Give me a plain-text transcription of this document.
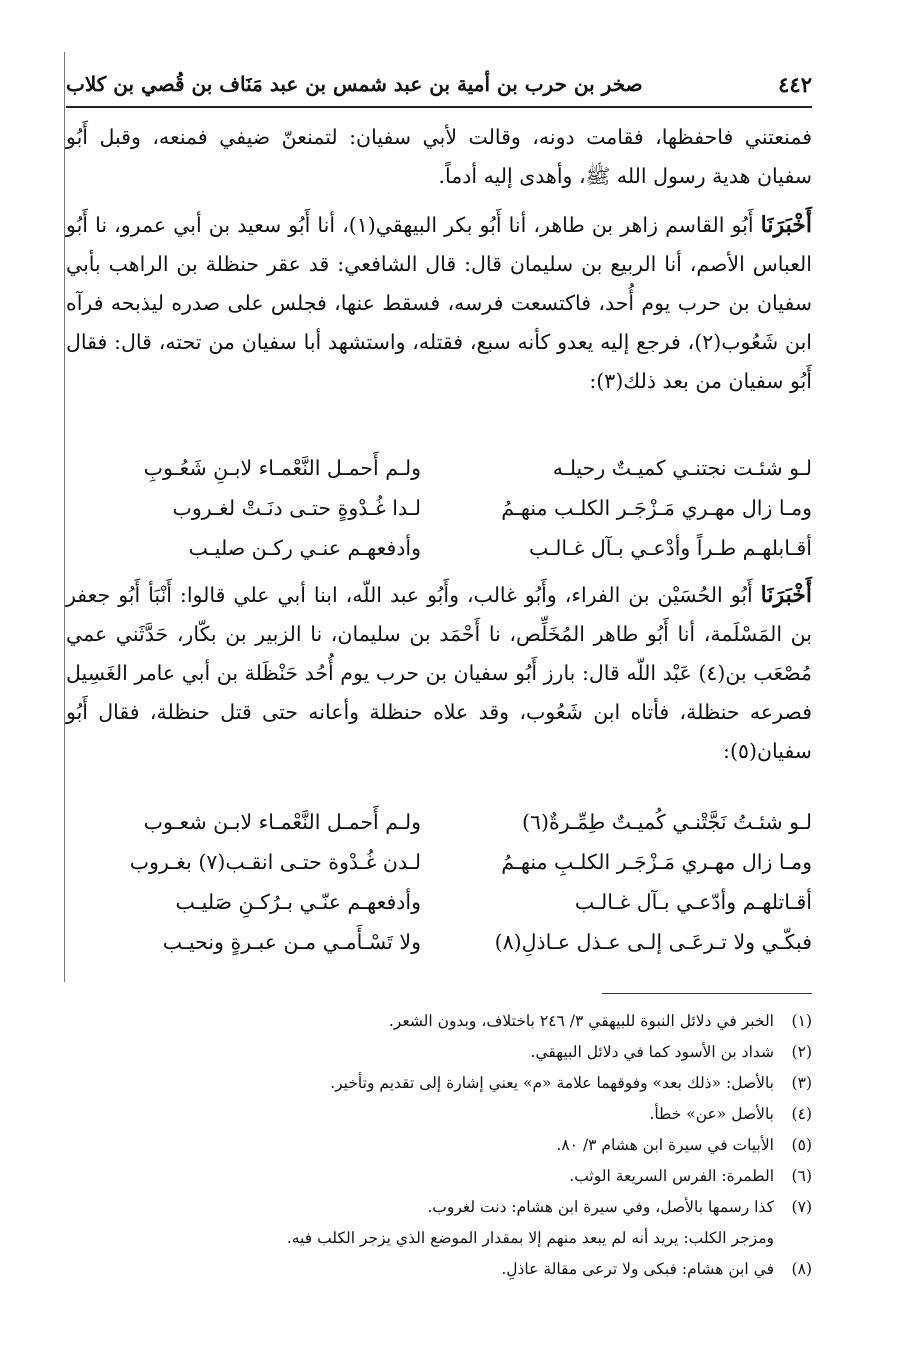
٤٤٢
صخر بن حرب بن أمية بن عبد شمس بن عبد مَنَاف بن قُصي بن كلاب

فمنعتني فاحفظها، فقامت دونه، وقالت لأبي سفيان: لتمنعنّ ضيفي فمنعه، وقبل أَبُو سفيان هدية رسول الله ﷺ، وأهدى إليه أدماً.

أَخْبَرَنَا أَبُو القاسم زاهر بن طاهر، أنا أَبُو بكر البيهقي(١)، أنا أَبُو سعيد بن أبي عمرو، نا أَبُو العباس الأصم، أنا الربيع بن سليمان قال: قال الشافعي: قد عقر حنظلة بن الراهب بأبي سفيان بن حرب يوم أُحد، فاكتسعت فرسه، فسقط عنها، فجلس على صدره ليذبحه فرآه ابن شَعُوب(٢)، فرجع إليه يعدو كأنه سبع، فقتله، واستشهد أبا سفيان من تحته، قال: فقال أَبُو سفيان من بعد ذلك(٣):

لـو شئـت نجتنـي كميـتٌ رحيلـه
ولـم أَحمـل النَّعْمـاء لابـنِ شَعُـوبِ
ومـا زال مهـري مَـزْجَـر الكلـب منهـمُ
لـدا غُـدْوةٍ حتـى دنَـتْ لغـروب
أقـابلهـم طـراً وأدْعـي بـآل غـالـب
وأدفعهـم عنـي ركـن صليـب

أَخْبَرَنَا أَبُو الحُسَيْن بن الفراء، وأَبُو غالب، وأَبُو عبد اللّه، ابنا أبي علي قالوا: أَنْبَأ أَبُو جعفر بن المَسْلَمة، أنا أَبُو طاهر المُخَلِّص، نا أَحْمَد بن سليمان، نا الزبير بن بكّار، حَدَّثَني عمي مُصْعَب بن(٤) عَبْد اللّه قال: بارز أَبُو سفيان بن حرب يوم أُحُد حَنْظَلة بن أبي عامر الغَسِيل فصرعه حنظلة، فأتاه ابن شَعُوب، وقد علاه حنظلة وأعانه حتى قتل حنظلة، فقال أَبُو سفيان(٥):

لـو شئـتُ نَجَّتْنـي كُميـتٌ طِمِّـرةٌ(٦)
ولـم أَحمـل النَّعْمـاء لابـن شعـوب
ومـا زال مهـري مَـزْجَـر الكلـبِ منهـمُ
لـدن غُـدْوة حتـى انقـب(٧) بغـروب
أقـاتلهـم وأدّعـي بـآل غـالـب
وأدفعهـم عنّـي بـرُكـنِ صَليـب
فبكّـي ولا تـرعَـى إلـى عـذل عـاذلِ(٨)
ولا تَسْـأَمـي مـن عبـرةٍ ونحيـب
(١)
الخبر في دلائل النبوة للبيهقي ٣/ ٢٤٦ باختلاف، وبدون الشعر.
(٢)
شداد بن الأسود كما في دلائل البيهقي.
(٣)
بالأصل: «ذلك بعد» وفوقهما علامة «م» يعني إشارة إلى تقديم وتأخير.
(٤)
بالأصل «عن» خطأ.
(٥)
الأبيات في سيرة ابن هشام ٣/ ٨٠.
(٦)
الطمرة: الفرس السريعة الوثب.
(٧)
كذا رسمها بالأصل، وفي سيرة ابن هشام: دنت لغروب.
ومزجر الكلب: يريد أنه لم يبعد منهم إلا بمقدار الموضع الذي يزجر الكلب فيه.
(٨)
في ابن هشام: فبكى ولا ترعى مقالة عاذلِ.
